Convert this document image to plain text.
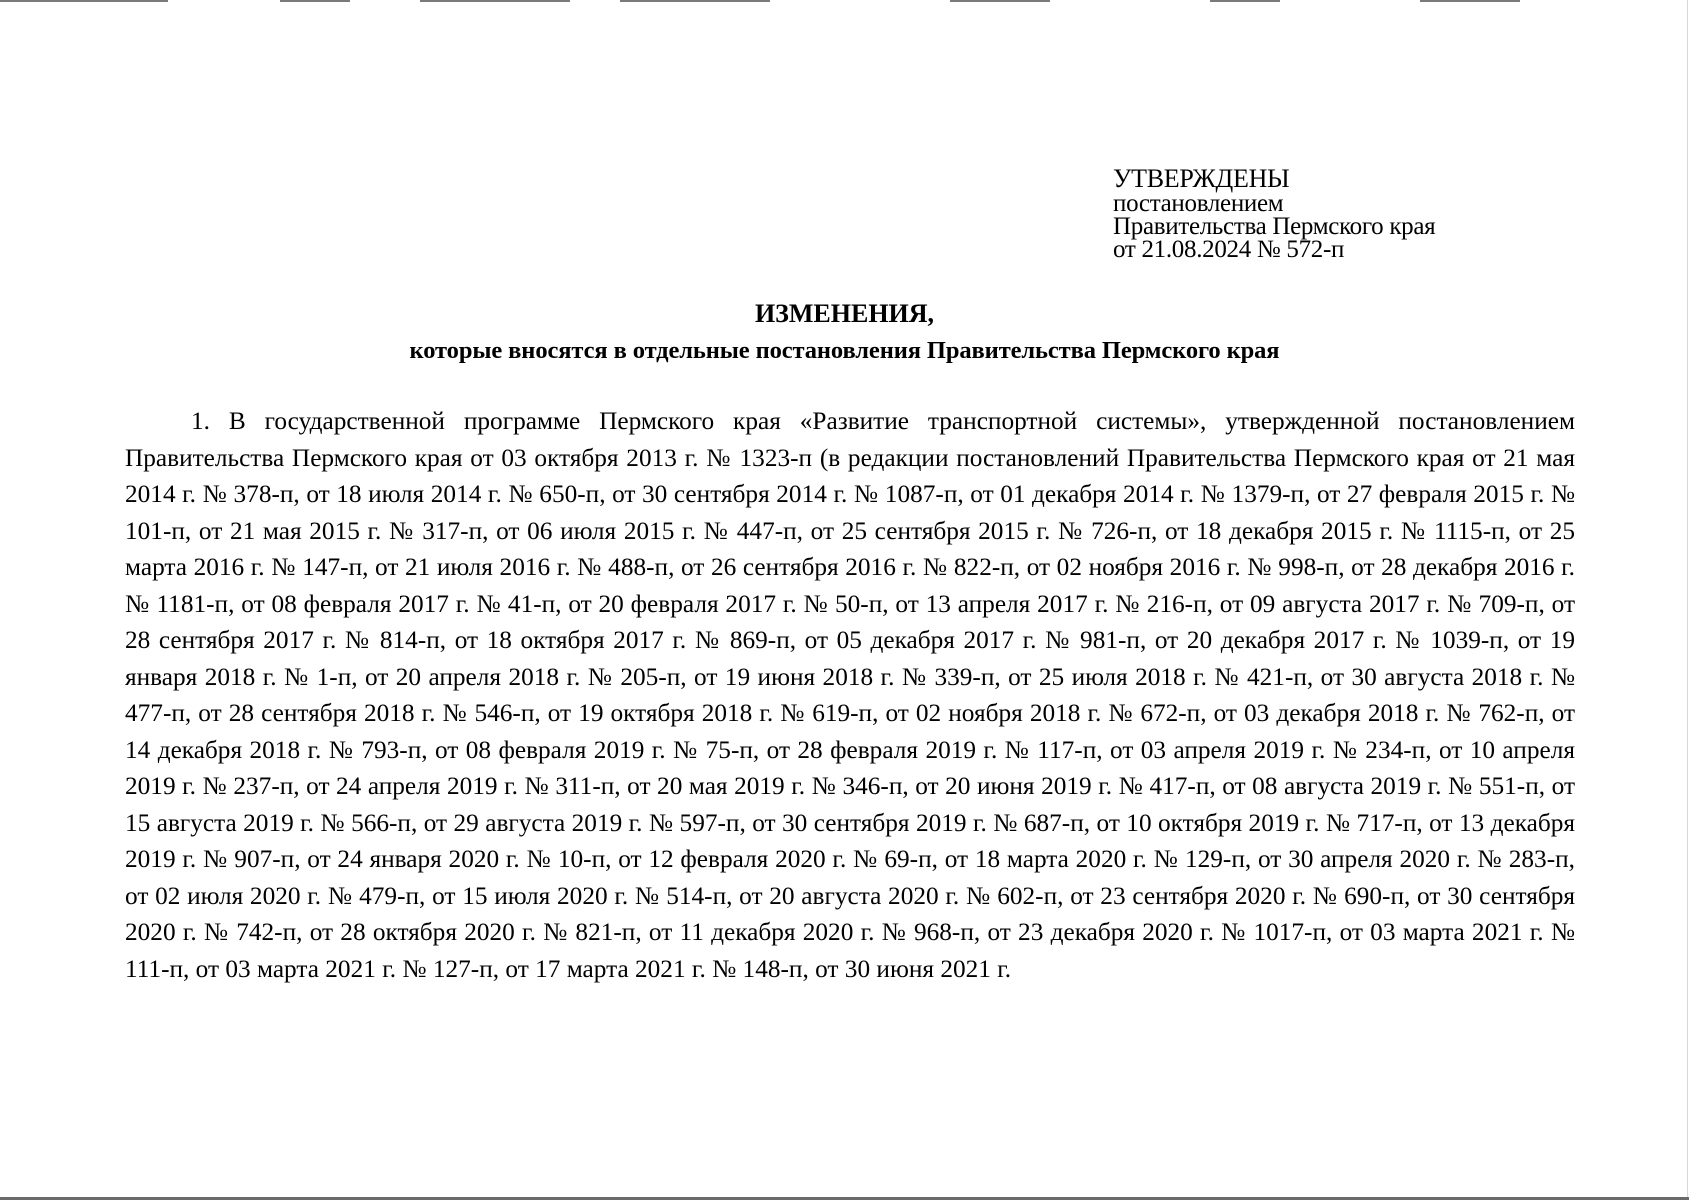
УТВЕРЖДЕНЫ
постановлением
Правительства Пермского края
от 21.08.2024 № 572-п
ИЗМЕНЕНИЯ,
которые вносятся в отдельные постановления Правительства Пермского края

1. В государственной программе Пермского края «Развитие транспортной системы», утвержденной постановлением Правительства Пермского края от 03 октября 2013 г. № 1323-п (в редакции постановлений Правительства Пермского края от 21 мая 2014 г. № 378-п, от 18 июля 2014 г. № 650-п, от 30 сентября 2014 г. № 1087-п, от 01 декабря 2014 г. № 1379-п, от 27 февраля 2015 г. № 101-п, от 21 мая 2015 г. № 317-п, от 06 июля 2015 г. № 447-п, от 25 сентября 2015 г. № 726-п, от 18 декабря 2015 г. № 1115-п, от 25 марта 2016 г. № 147-п, от 21 июля 2016 г. № 488-п, от 26 сентября 2016 г. № 822-п, от 02 ноября 2016 г. № 998-п, от 28 декабря 2016 г. № 1181-п, от 08 февраля 2017 г. № 41-п, от 20 февраля 2017 г. № 50-п, от 13 апреля 2017 г. № 216-п, от 09 августа 2017 г. № 709-п, от 28 сентября 2017 г. № 814-п, от 18 октября 2017 г. № 869-п, от 05 декабря 2017 г. № 981-п, от 20 декабря 2017 г. № 1039-п, от 19 января 2018 г. № 1-п, от 20 апреля 2018 г. № 205-п, от 19 июня 2018 г. № 339-п, от 25 июля 2018 г. № 421-п, от 30 августа 2018 г. № 477-п, от 28 сентября 2018 г. № 546-п, от 19 октября 2018 г. № 619-п, от 02 ноября 2018 г. № 672-п, от 03 декабря 2018 г. № 762-п, от 14 декабря 2018 г. № 793-п, от 08 февраля 2019 г. № 75-п, от 28 февраля 2019 г. № 117-п, от 03 апреля 2019 г. № 234-п, от 10 апреля 2019 г. № 237-п, от 24 апреля 2019 г. № 311-п, от 20 мая 2019 г. № 346-п, от 20 июня 2019 г. № 417-п, от 08 августа 2019 г. № 551-п, от 15 августа 2019 г. № 566-п, от 29 августа 2019 г. № 597-п, от 30 сентября 2019 г. № 687-п, от 10 октября 2019 г. № 717-п, от 13 декабря 2019 г. № 907-п, от 24 января 2020 г. № 10-п, от 12 февраля 2020 г. № 69-п, от 18 марта 2020 г. № 129-п, от 30 апреля 2020 г. № 283-п, от 02 июля 2020 г. № 479-п, от 15 июля 2020 г. № 514-п, от 20 августа 2020 г. № 602-п, от 23 сентября 2020 г. № 690-п, от 30 сентября 2020 г. № 742-п, от 28 октября 2020 г. № 821-п, от 11 декабря 2020 г. № 968-п, от 23 декабря 2020 г. № 1017-п, от 03 марта 2021 г. № 111-п, от 03 марта 2021 г. № 127-п, от 17 марта 2021 г. № 148-п, от 30 июня 2021 г.
